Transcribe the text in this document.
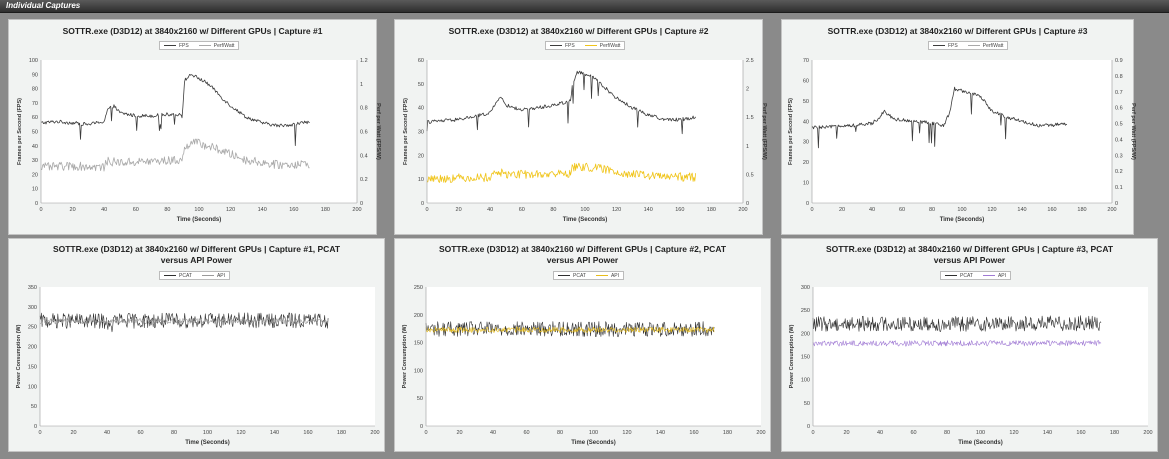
Individual Captures
SOTTR.exe (D3D12) at 3840x2160 w/ Different GPUs | Capture #1
FPS	Perf/Watt
0	20	40	60	80	100	120	140	160	180	200
0
10
20
30
40
50
60
70
80
90
100
0
0.2
0.4
0.6
0.8
1
1.2
Time (Seconds)
Frames per Second (FPS)	Perf per Watt (FPS/W)
SOTTR.exe (D3D12) at 3840x2160 w/ Different GPUs | Capture #2
FPS	Perf/Watt
0	20	40	60	80	100	120	140	160	180	200
0
10
20
30
40
50
60
0
0.5
1
1.5
2
2.5
Time (Seconds)
Frames per Second (FPS)	Perf per Watt (FPS/W)
SOTTR.exe (D3D12) at 3840x2160 w/ Different GPUs | Capture #3
FPS	Perf/Watt
0	20	40	60	80	100	120	140	160	180	200
0
10
20
30
40
50
60
70
0
0.1
0.2
0.3
0.4
0.5
0.6
0.7
0.8
0.9
Time (Seconds)
Frames per Second (FPS)	Perf per Watt (FPS/W)
SOTTR.exe (D3D12) at 3840x2160 w/ Different GPUs | Capture #1, PCAT versus API Power
PCAT	API
0	20	40	60	80	100	120	140	160	180	200
0
50
100
150
200
250
300
350
Time (Seconds)
Power Consumption (W)
SOTTR.exe (D3D12) at 3840x2160 w/ Different GPUs | Capture #2, PCAT versus API Power
PCAT	API
0	20	40	60	80	100	120	140	160	180	200
0
50
100
150
200
250
Time (Seconds)
Power Consumption (W)
SOTTR.exe (D3D12) at 3840x2160 w/ Different GPUs | Capture #3, PCAT versus API Power
PCAT	API
0	20	40	60	80	100	120	140	160	180	200
0
50
100
150
200
250
300
Time (Seconds)
Power Consumption (W)
